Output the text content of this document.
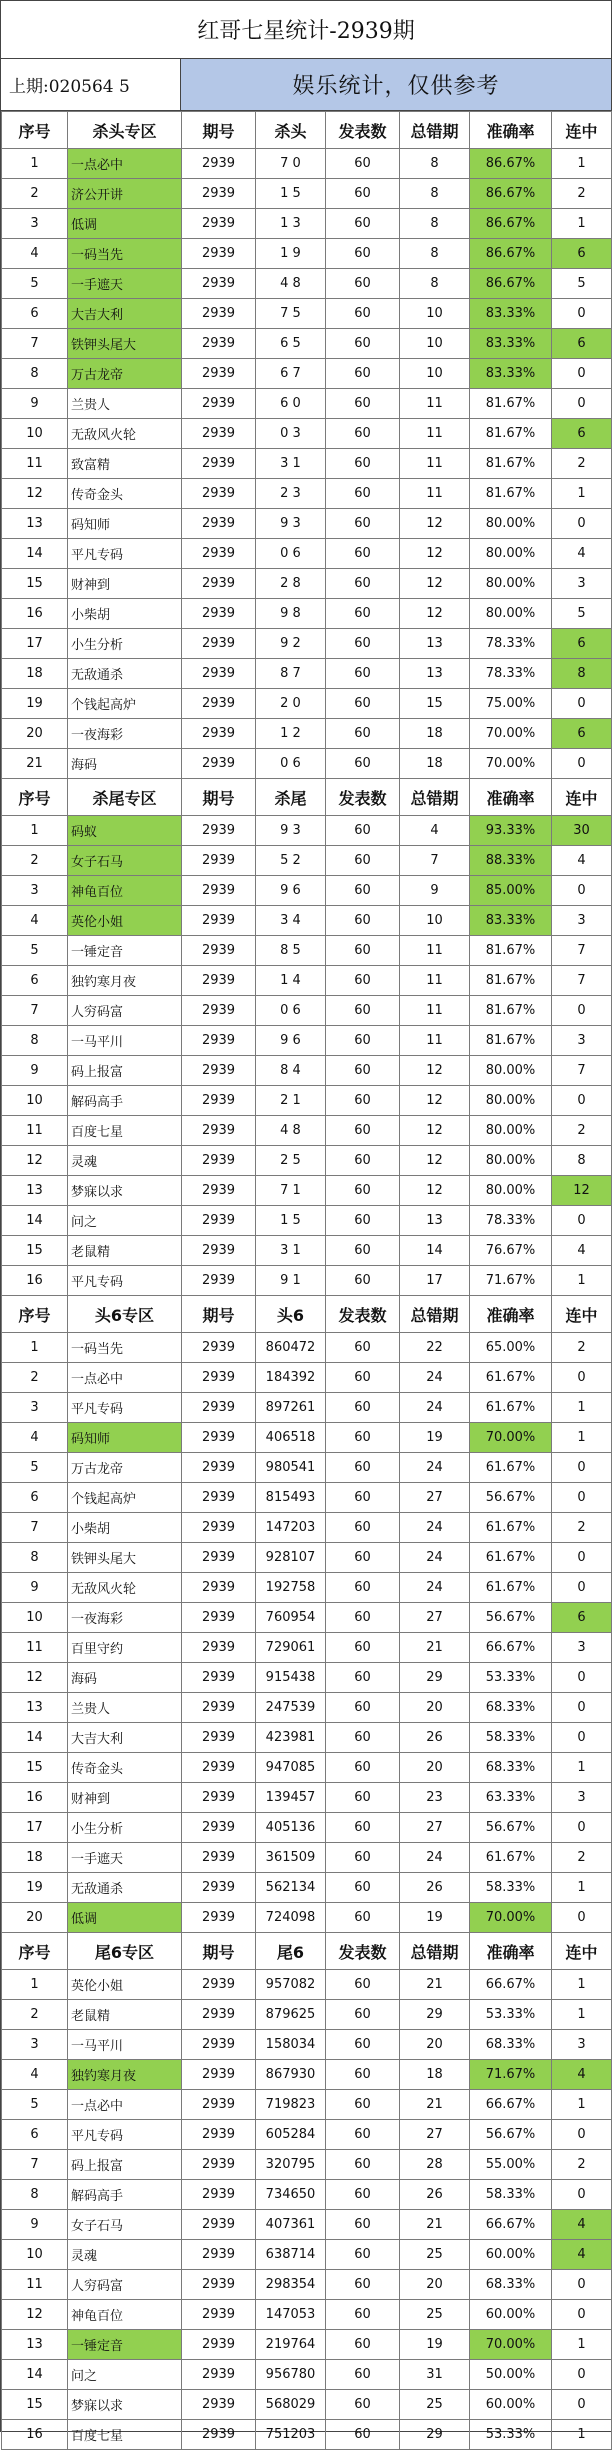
红哥七星统计-2939期
上期:020564 5	娱乐统计，仅供参考
序号	杀头专区	期号	杀头	发表数	总错期	准确率	连中
1	一点必中	2939	7 0	60	8	86.67%	1
2	济公开讲	2939	1 5	60	8	86.67%	2
3	低调	2939	1 3	60	8	86.67%	1
4	一码当先	2939	1 9	60	8	86.67%	6
5	一手遮天	2939	4 8	60	8	86.67%	5
6	大吉大利	2939	7 5	60	10	83.33%	0
7	铁钾头尾大	2939	6 5	60	10	83.33%	6
8	万古龙帝	2939	6 7	60	10	83.33%	0
9	兰贵人	2939	6 0	60	11	81.67%	0
10	无敌风火轮	2939	0 3	60	11	81.67%	6
11	致富精	2939	3 1	60	11	81.67%	2
12	传奇金头	2939	2 3	60	11	81.67%	1
13	码知师	2939	9 3	60	12	80.00%	0
14	平凡专码	2939	0 6	60	12	80.00%	4
15	财神到	2939	2 8	60	12	80.00%	3
16	小柴胡	2939	9 8	60	12	80.00%	5
17	小生分析	2939	9 2	60	13	78.33%	6
18	无敌通杀	2939	8 7	60	13	78.33%	8
19	个钱起高炉	2939	2 0	60	15	75.00%	0
20	一夜海彩	2939	1 2	60	18	70.00%	6
21	海码	2939	0 6	60	18	70.00%	0
序号	杀尾专区	期号	杀尾	发表数	总错期	准确率	连中
1	码蚁	2939	9 3	60	4	93.33%	30
2	女子石马	2939	5 2	60	7	88.33%	4
3	神龟百位	2939	9 6	60	9	85.00%	0
4	英伦小姐	2939	3 4	60	10	83.33%	3
5	一锤定音	2939	8 5	60	11	81.67%	7
6	独钓寒月夜	2939	1 4	60	11	81.67%	7
7	人穷码富	2939	0 6	60	11	81.67%	0
8	一马平川	2939	9 6	60	11	81.67%	3
9	码上报富	2939	8 4	60	12	80.00%	7
10	解码高手	2939	2 1	60	12	80.00%	0
11	百度七星	2939	4 8	60	12	80.00%	2
12	灵魂	2939	2 5	60	12	80.00%	8
13	梦寐以求	2939	7 1	60	12	80.00%	12
14	问之	2939	1 5	60	13	78.33%	0
15	老鼠精	2939	3 1	60	14	76.67%	4
16	平凡专码	2939	9 1	60	17	71.67%	1
序号	头6专区	期号	头6	发表数	总错期	准确率	连中
1	一码当先	2939	860472	60	22	65.00%	2
2	一点必中	2939	184392	60	24	61.67%	0
3	平凡专码	2939	897261	60	24	61.67%	1
4	码知师	2939	406518	60	19	70.00%	1
5	万古龙帝	2939	980541	60	24	61.67%	0
6	个钱起高炉	2939	815493	60	27	56.67%	0
7	小柴胡	2939	147203	60	24	61.67%	2
8	铁钾头尾大	2939	928107	60	24	61.67%	0
9	无敌风火轮	2939	192758	60	24	61.67%	0
10	一夜海彩	2939	760954	60	27	56.67%	6
11	百里守约	2939	729061	60	21	66.67%	3
12	海码	2939	915438	60	29	53.33%	0
13	兰贵人	2939	247539	60	20	68.33%	0
14	大吉大利	2939	423981	60	26	58.33%	0
15	传奇金头	2939	947085	60	20	68.33%	1
16	财神到	2939	139457	60	23	63.33%	3
17	小生分析	2939	405136	60	27	56.67%	0
18	一手遮天	2939	361509	60	24	61.67%	2
19	无敌通杀	2939	562134	60	26	58.33%	1
20	低调	2939	724098	60	19	70.00%	0
序号	尾6专区	期号	尾6	发表数	总错期	准确率	连中
1	英伦小姐	2939	957082	60	21	66.67%	1
2	老鼠精	2939	879625	60	29	53.33%	1
3	一马平川	2939	158034	60	20	68.33%	3
4	独钓寒月夜	2939	867930	60	18	71.67%	4
5	一点必中	2939	719823	60	21	66.67%	1
6	平凡专码	2939	605284	60	27	56.67%	0
7	码上报富	2939	320795	60	28	55.00%	2
8	解码高手	2939	734650	60	26	58.33%	0
9	女子石马	2939	407361	60	21	66.67%	4
10	灵魂	2939	638714	60	25	60.00%	4
11	人穷码富	2939	298354	60	20	68.33%	0
12	神龟百位	2939	147053	60	25	60.00%	0
13	一锤定音	2939	219764	60	19	70.00%	1
14	问之	2939	956780	60	31	50.00%	0
15	梦寐以求	2939	568029	60	25	60.00%	0
16	百度七星	2939	751203	60	29	53.33%	1
